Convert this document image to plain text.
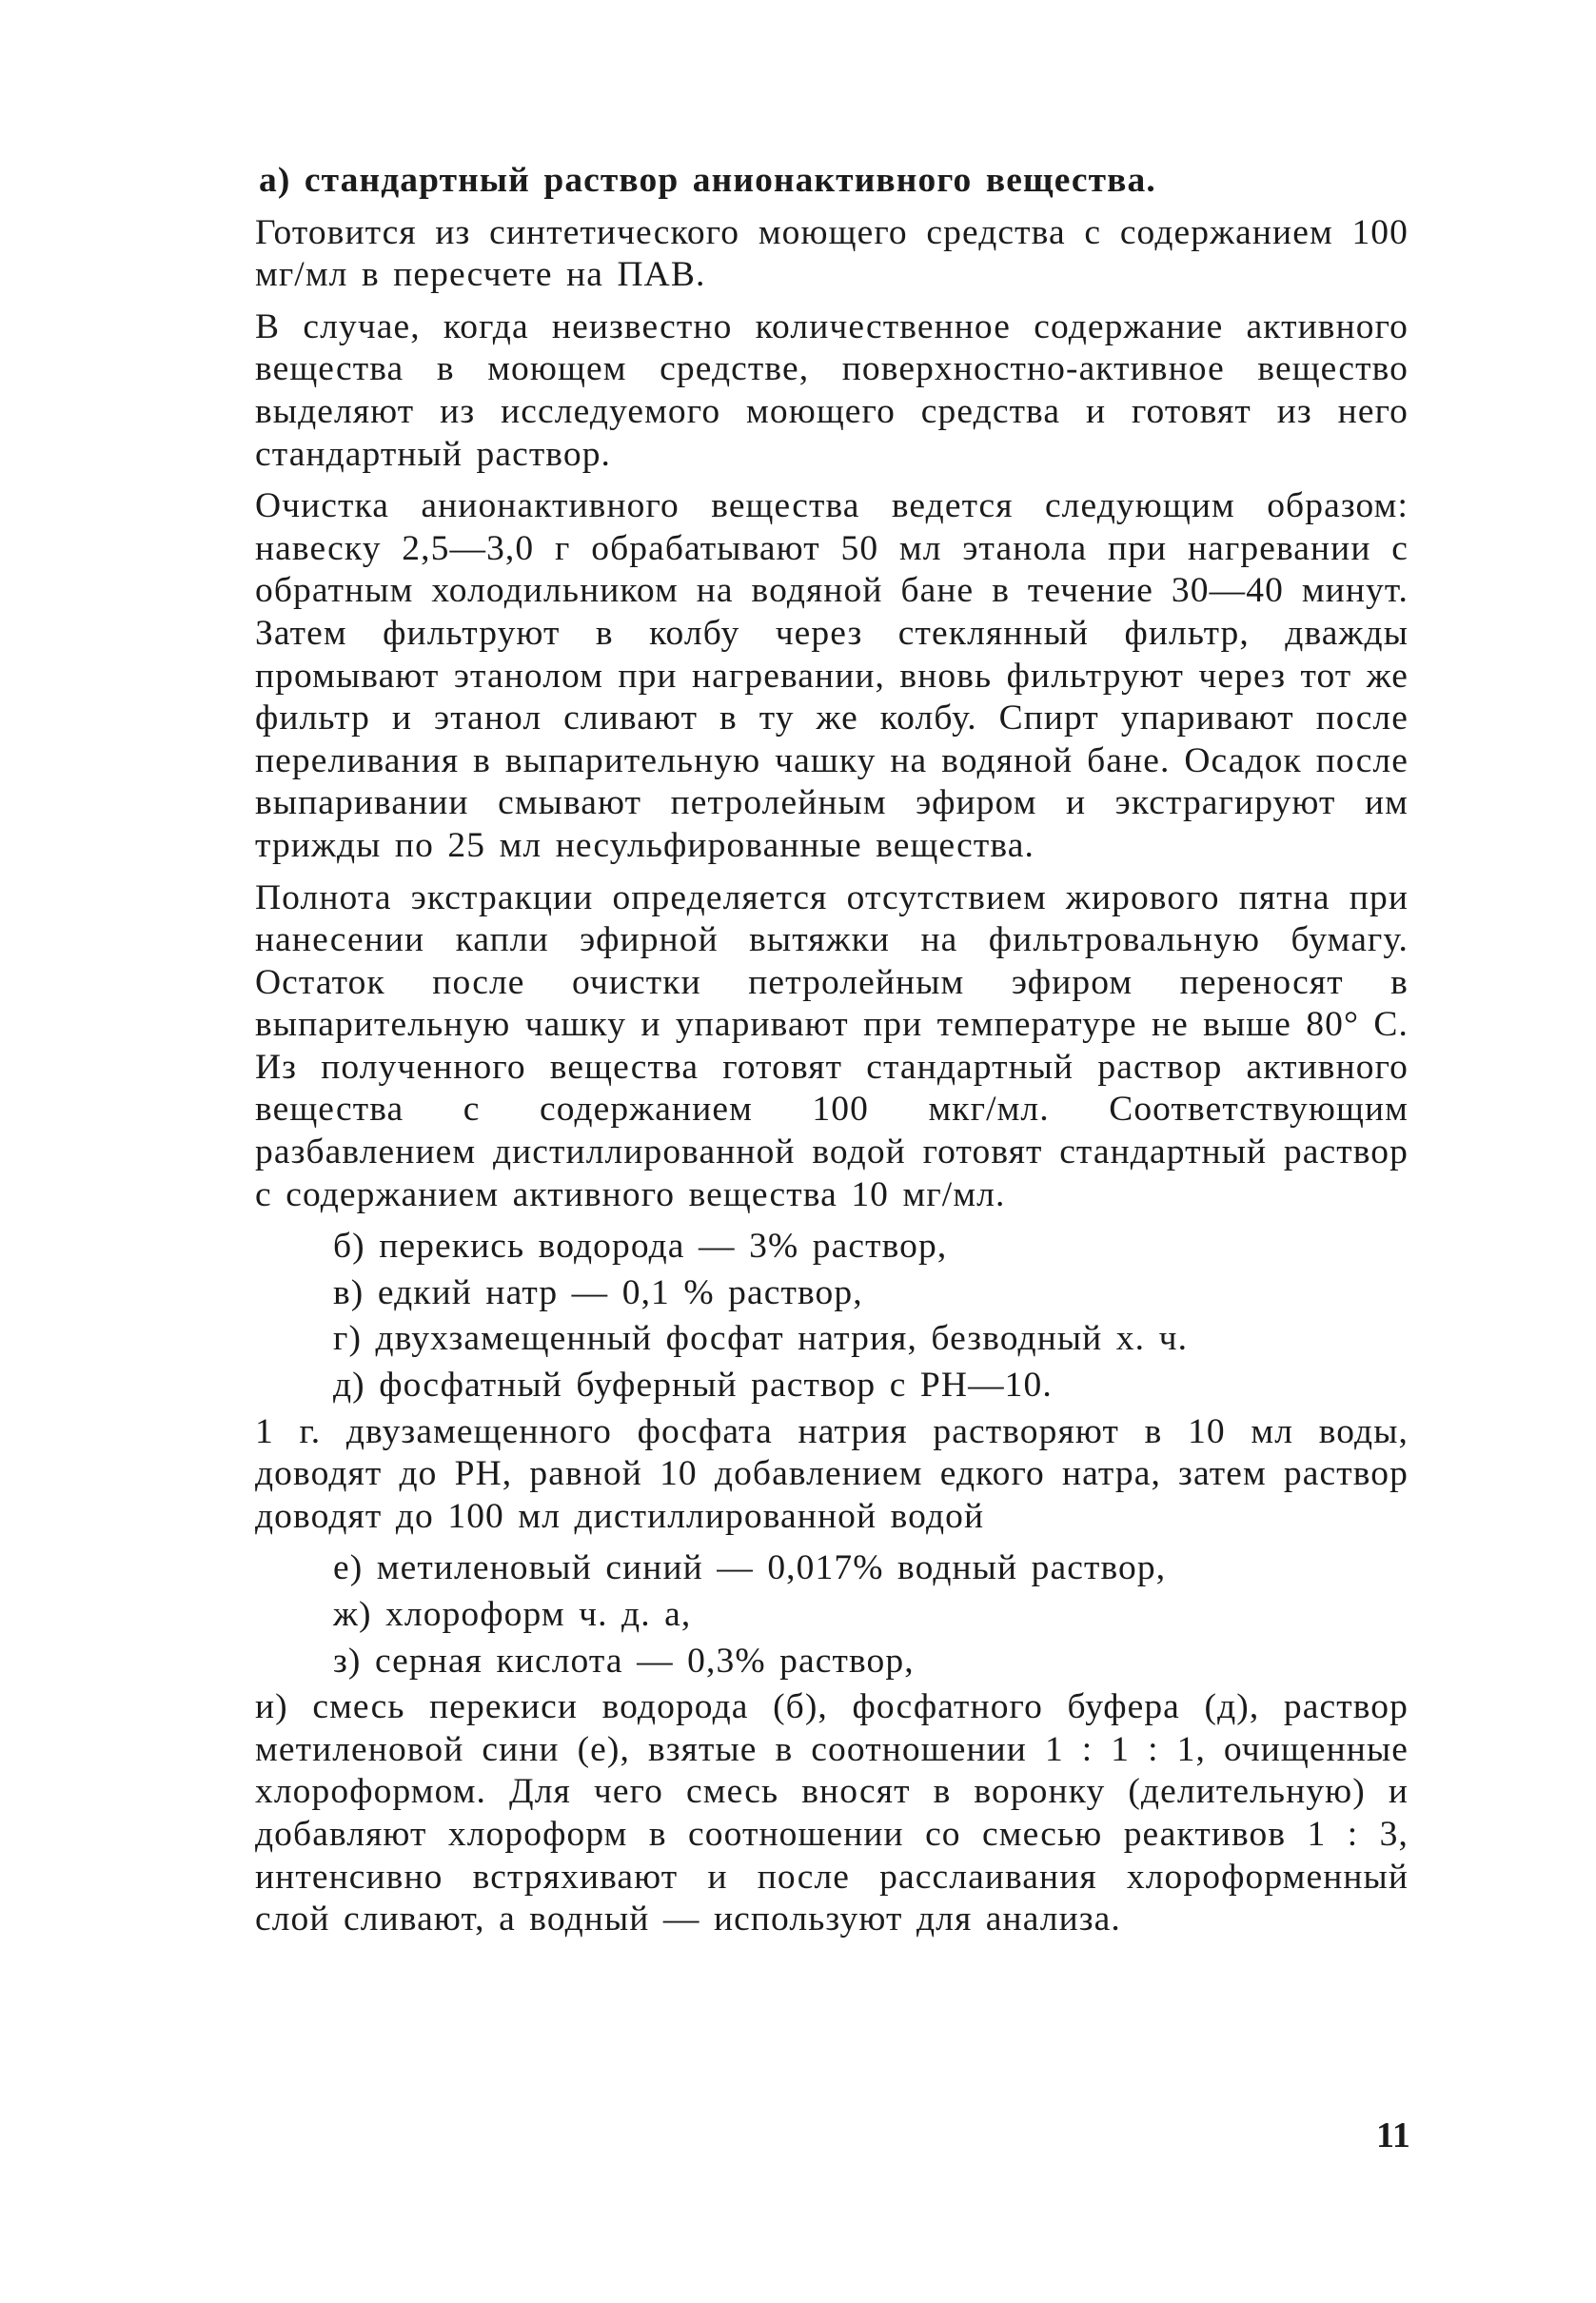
а) стандартный раствор анионактивного вещества.

Готовится из синтетического моющего средства с содержанием 100 мг/мл в пересчете на ПАВ.

В случае, когда неизвестно количественное содержание активного вещества в моющем средстве, поверхностно-активное вещество выделяют из исследуемого моющего средства и готовят из него стандартный раствор.

Очистка анионактивного вещества ведется следующим образом: навеску 2,5—3,0 г обрабатывают 50 мл этанола при нагревании с обратным холодильником на водяной бане в течение 30—40 минут. Затем фильтруют в колбу через стеклянный фильтр, дважды промывают этанолом при нагревании, вновь фильтруют через тот же фильтр и этанол сливают в ту же колбу. Спирт упаривают после переливания в выпарительную чашку на водяной бане. Осадок после выпаривании смывают петролейным эфиром и экстрагируют им трижды по 25 мл несульфированные вещества.

Полнота экстракции определяется отсутствием жирового пятна при нанесении капли эфирной вытяжки на фильтровальную бумагу. Остаток после очистки петролейным эфиром переносят в выпарительную чашку и упаривают при температуре не выше 80° С. Из полученного вещества готовят стандартный раствор активного вещества с содержанием 100 мкг/мл. Соответствующим разбавлением дистиллированной водой готовят стандартный раствор с содержанием активного вещества 10 мг/мл.

б) перекись водорода — 3% раствор,

в) едкий натр — 0,1 % раствор,

г) двухзамещенный фосфат натрия, безводный х. ч.

д) фосфатный буферный раствор с PH—10.

1 г. двузамещенного фосфата натрия растворяют в 10 мл воды, доводят до PH, равной 10 добавлением едкого натра, затем раствор доводят до 100 мл дистиллированной водой

е) метиленовый синий — 0,017% водный раствор,

ж) хлороформ ч. д. а,

з) серная кислота — 0,3% раствор,

и) смесь перекиси водорода (б), фосфатного буфера (д), раствор метиленовой сини (е), взятые в соотношении 1 : 1 : 1, очищенные хлороформом. Для чего смесь вносят в воронку (делительную) и добавляют хлороформ в соотношении со смесью реактивов 1 : 3, интенсивно встряхивают и после расслаивания хлороформенный слой сливают, а водный — используют для анализа.

11
